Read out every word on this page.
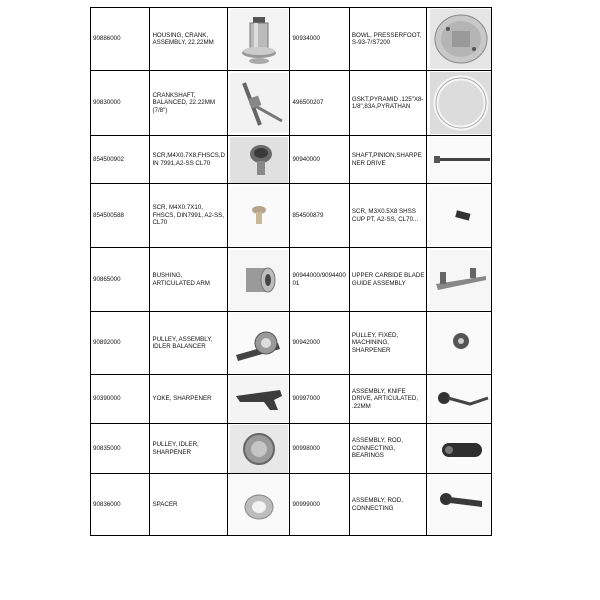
90886000	HOUSING, CRANK, ASSEMBLY, 22.22MM		90934000	BOWL, PRESSERFOOT, S-93-7/S7200	

90830000	CRANKSHAFT, BALANCED, 22.22MM (7/8")		496500207	GSKT,PYRAMID .125"X8-1/8",83A,PYRATHAN	

854500902	SCR,M4X0.7X8,FHSCS,DIN 7991,A2-SS CL70		90940000	SHAFT,PINION,SHARPENER DRIVE	

854500588	SCR, M4X0.7X10, FHSCS, DIN7991, A2-SS, CL70		854500879	SCR, M3X0.5X8 SHSS CUP PT, A2-SS, CL70...	

90865000	BUSHING, ARTICULATED ARM		90944000/909440001	UPPER CARBIDE BLADE GUIDE ASSEMBLY	

90892000	PULLEY, ASSEMBLY, IDLER BALANCER		90942000	PULLEY, FIXED, MACHINING, SHARPENER	

90390000	YOKE, SHARPENER		90997000	ASSEMBLY, KNIFE DRIVE, ARTICULATED, .22MM	

90835000	PULLEY, IDLER, SHARPENER		90998000	ASSEMBLY, ROD, CONNECTING, BEARINGS	

90836000	SPACER		90999000	ASSEMBLY, ROD, CONNECTING	
